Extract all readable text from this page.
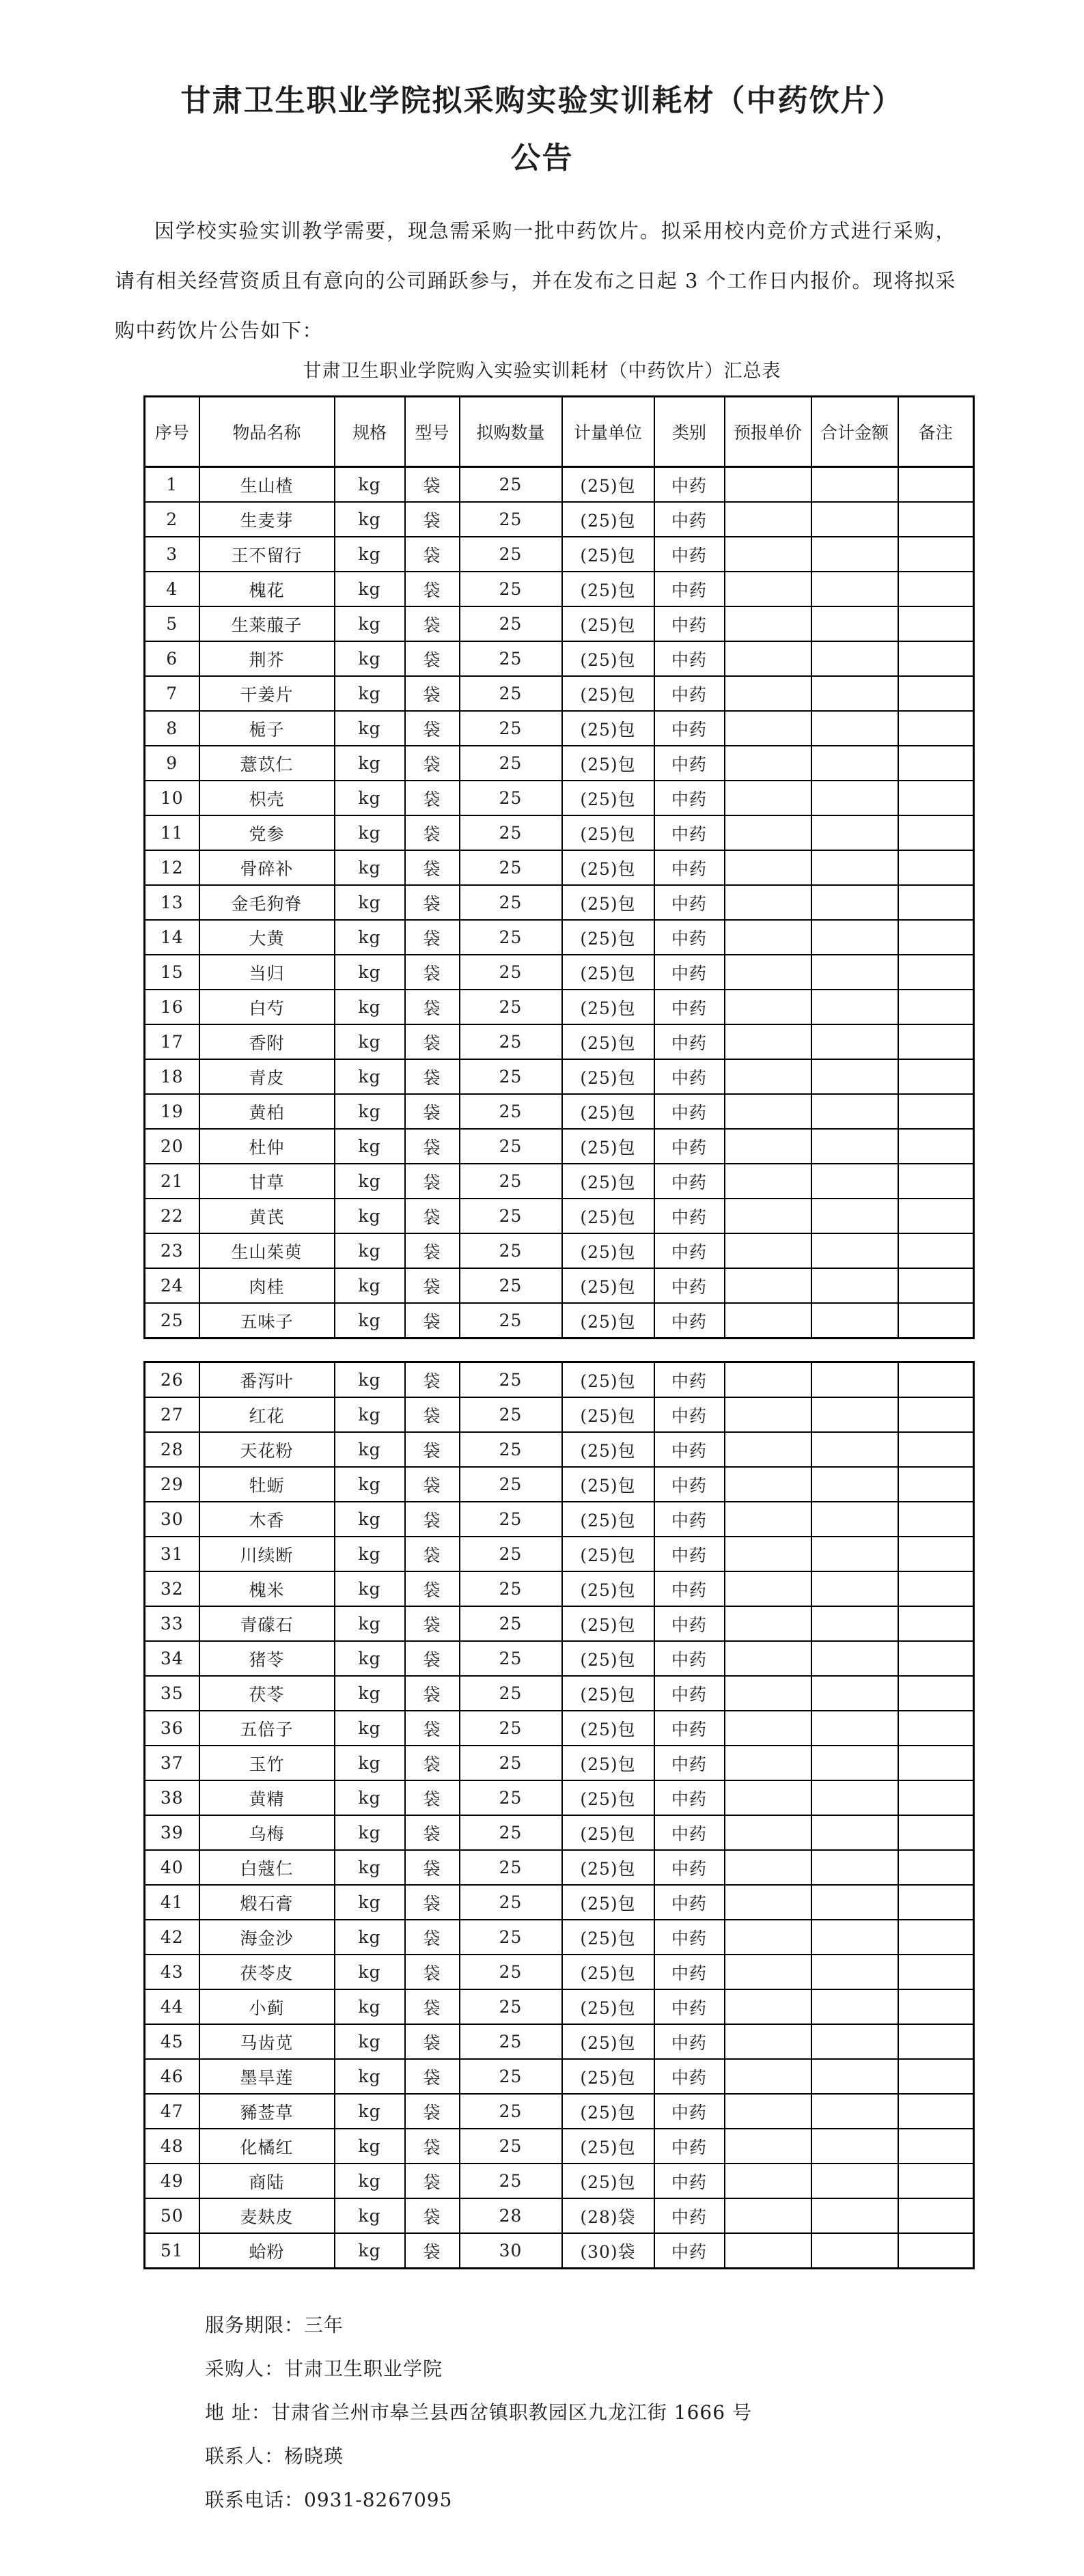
甘肃卫生职业学院拟采购实验实训耗材（中药饮片）
公告

因学校实验实训教学需要，现急需采购一批中药饮片。拟采用校内竞价方式进行采购，请有相关经营资质且有意向的公司踊跃参与，并在发布之日起 3 个工作日内报价。现将拟采购中药饮片公告如下：

甘肃卫生职业学院购入实验实训耗材（中药饮片）汇总表
序号	物品名称	规格	型号	拟购数量	计量单位	类别	预报单价	合计金额	备注
1	生山楂	kg	袋	25	(25)包	中药			
2	生麦芽	kg	袋	25	(25)包	中药			
3	王不留行	kg	袋	25	(25)包	中药			
4	槐花	kg	袋	25	(25)包	中药			
5	生莱菔子	kg	袋	25	(25)包	中药			
6	荆芥	kg	袋	25	(25)包	中药			
7	干姜片	kg	袋	25	(25)包	中药			
8	栀子	kg	袋	25	(25)包	中药			
9	薏苡仁	kg	袋	25	(25)包	中药			
10	枳壳	kg	袋	25	(25)包	中药			
11	党参	kg	袋	25	(25)包	中药			
12	骨碎补	kg	袋	25	(25)包	中药			
13	金毛狗脊	kg	袋	25	(25)包	中药			
14	大黄	kg	袋	25	(25)包	中药			
15	当归	kg	袋	25	(25)包	中药			
16	白芍	kg	袋	25	(25)包	中药			
17	香附	kg	袋	25	(25)包	中药			
18	青皮	kg	袋	25	(25)包	中药			
19	黄柏	kg	袋	25	(25)包	中药			
20	杜仲	kg	袋	25	(25)包	中药			
21	甘草	kg	袋	25	(25)包	中药			
22	黄芪	kg	袋	25	(25)包	中药			
23	生山茱萸	kg	袋	25	(25)包	中药			
24	肉桂	kg	袋	25	(25)包	中药			
25	五味子	kg	袋	25	(25)包	中药			
26	番泻叶	kg	袋	25	(25)包	中药			
27	红花	kg	袋	25	(25)包	中药			
28	天花粉	kg	袋	25	(25)包	中药			
29	牡蛎	kg	袋	25	(25)包	中药			
30	木香	kg	袋	25	(25)包	中药			
31	川续断	kg	袋	25	(25)包	中药			
32	槐米	kg	袋	25	(25)包	中药			
33	青礞石	kg	袋	25	(25)包	中药			
34	猪苓	kg	袋	25	(25)包	中药			
35	茯苓	kg	袋	25	(25)包	中药			
36	五倍子	kg	袋	25	(25)包	中药			
37	玉竹	kg	袋	25	(25)包	中药			
38	黄精	kg	袋	25	(25)包	中药			
39	乌梅	kg	袋	25	(25)包	中药			
40	白蔻仁	kg	袋	25	(25)包	中药			
41	煅石膏	kg	袋	25	(25)包	中药			
42	海金沙	kg	袋	25	(25)包	中药			
43	茯苓皮	kg	袋	25	(25)包	中药			
44	小蓟	kg	袋	25	(25)包	中药			
45	马齿苋	kg	袋	25	(25)包	中药			
46	墨旱莲	kg	袋	25	(25)包	中药			
47	豨莶草	kg	袋	25	(25)包	中药			
48	化橘红	kg	袋	25	(25)包	中药			
49	商陆	kg	袋	25	(25)包	中药			
50	麦麸皮	kg	袋	28	(28)袋	中药			
51	蛤粉	kg	袋	30	(30)袋	中药			
服务期限：三年
采购人：甘肃卫生职业学院
地 址：甘肃省兰州市皋兰县西岔镇职教园区九龙江街 1666 号
联系人：杨晓瑛
联系电话：0931-8267095
